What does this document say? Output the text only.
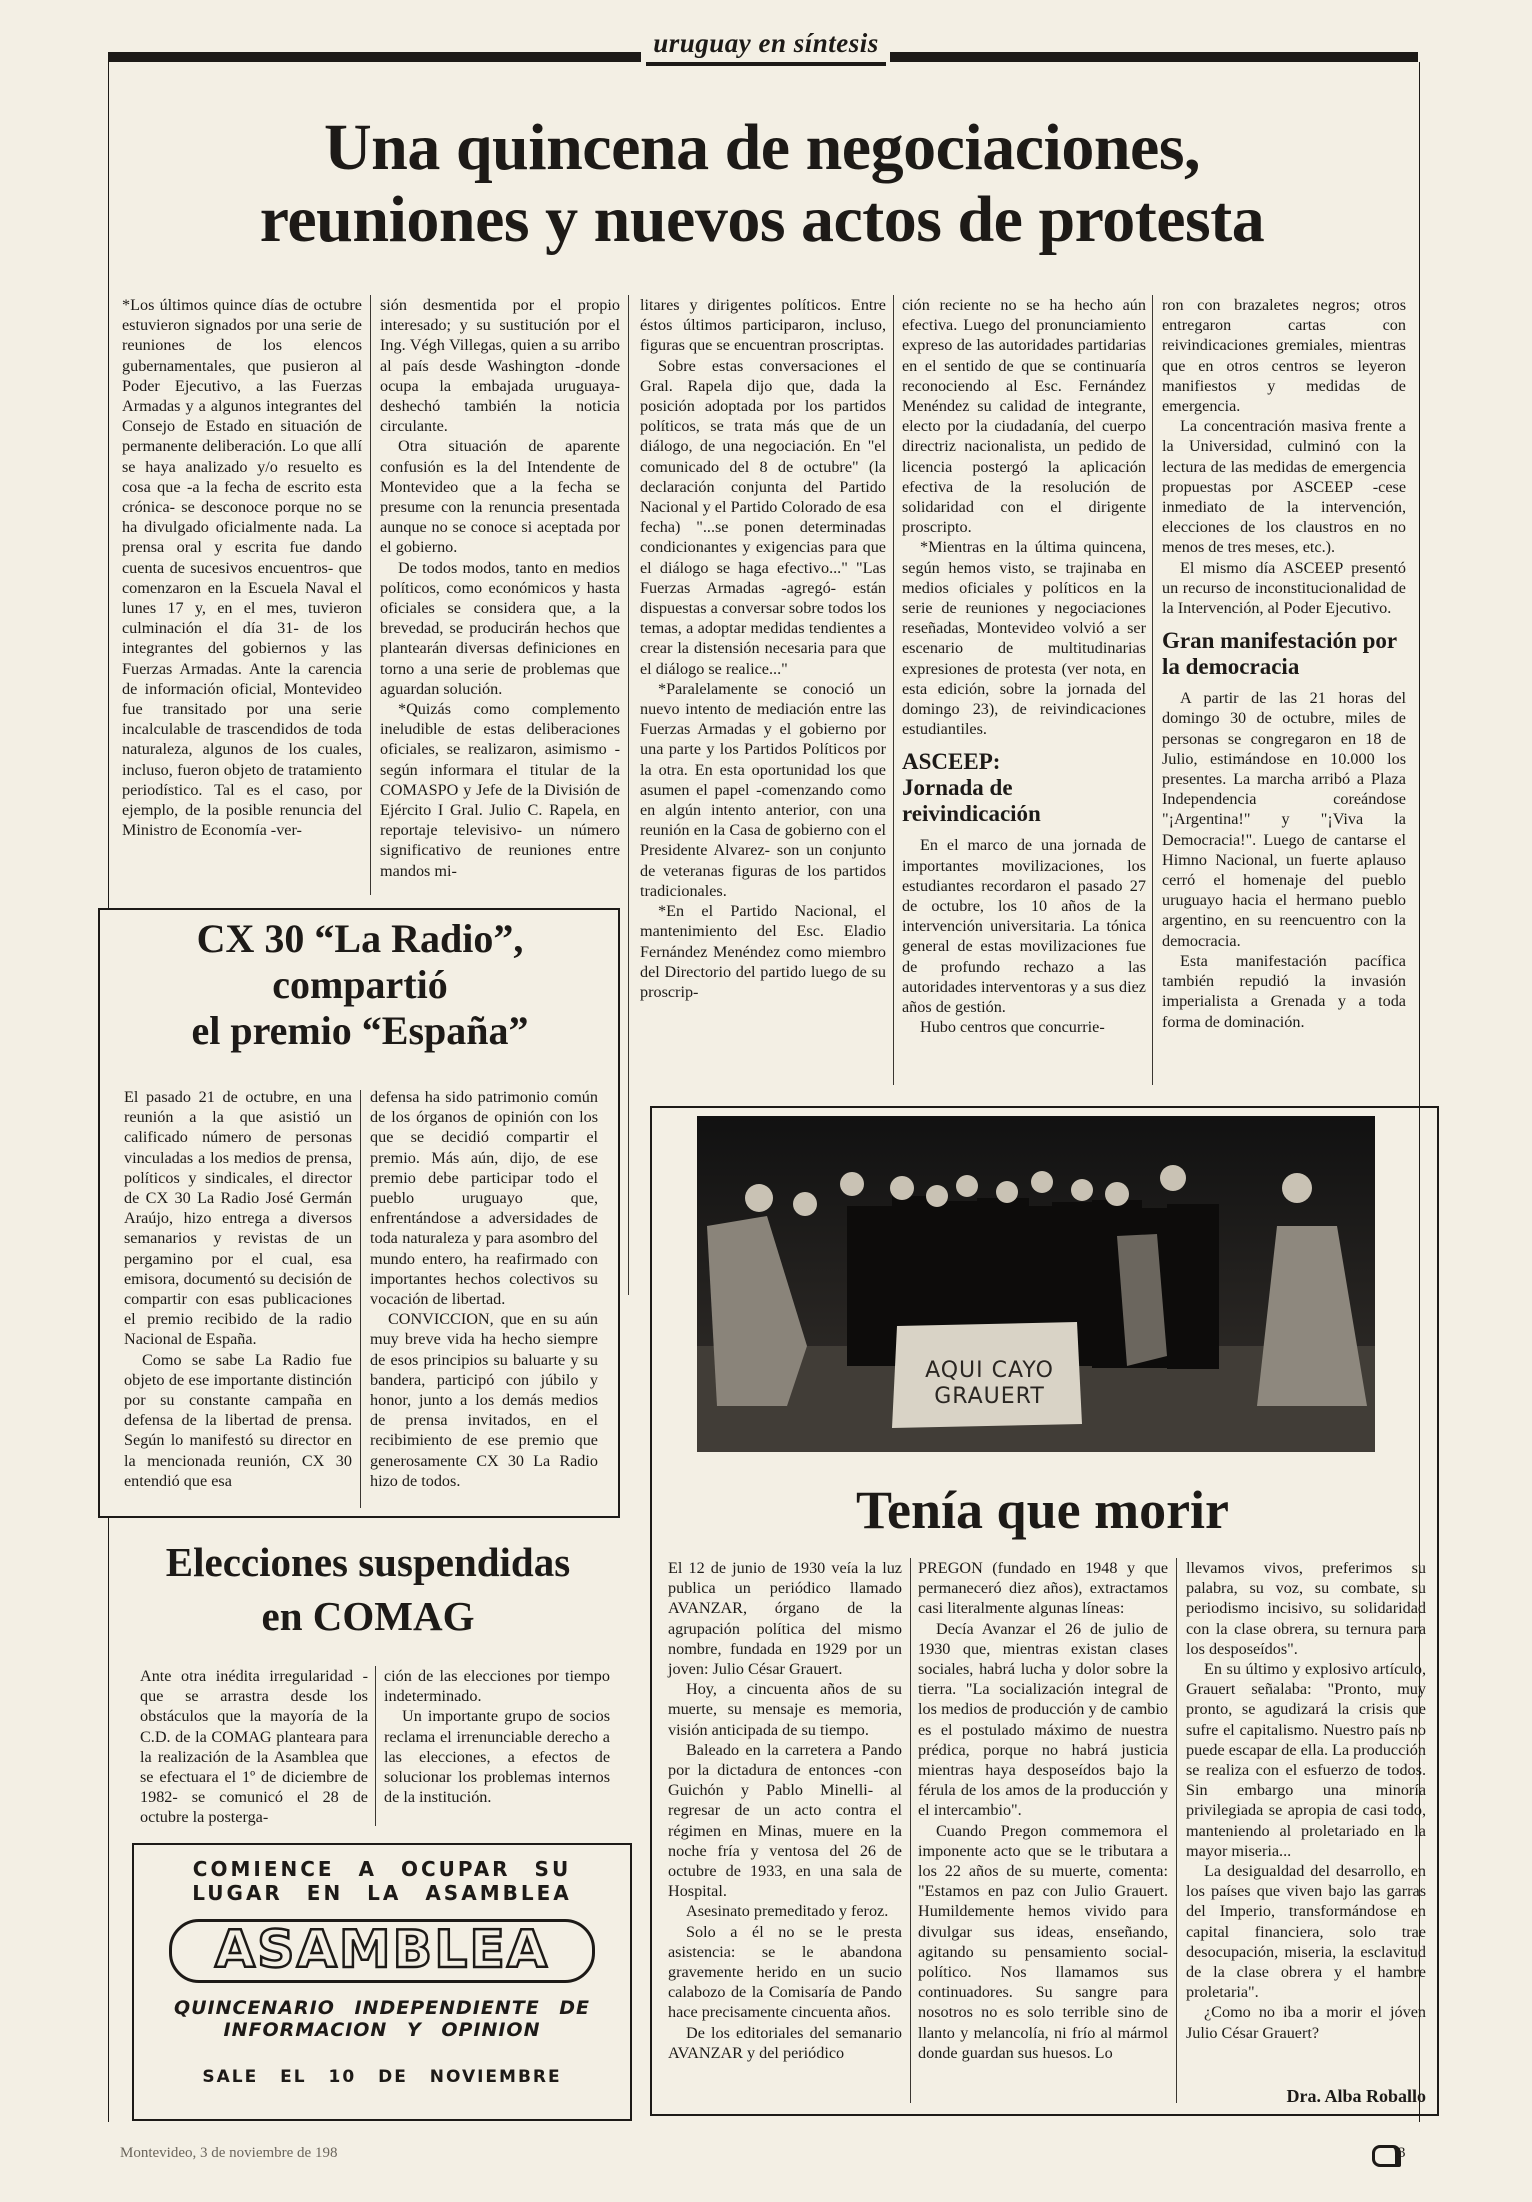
uruguay en síntesis
Una quincena de negociaciones,
reuniones y nuevos actos de protesta

*Los últimos quince días de octubre estuvieron signados por una serie de reuniones de los elencos gubernamentales, que pusieron al Poder Ejecutivo, a las Fuerzas Armadas y a algunos integrantes del Consejo de Estado en situación de permanente deliberación. Lo que allí se haya analizado y/o resuelto es cosa que -a la fecha de escrito esta crónica- se desconoce porque no se ha divulgado oficialmente nada. La prensa oral y escrita fue dando cuenta de sucesivos encuentros- que comenzaron en la Escuela Naval el lunes 17 y, en el mes, tuvieron culminación el día 31- de los integrantes del gobiernos y las Fuerzas Armadas. Ante la carencia de información oficial, Montevideo fue transitado por una serie incalculable de trascendidos de toda naturaleza, algunos de los cuales, incluso, fueron objeto de tratamiento periodístico. Tal es el caso, por ejemplo, de la posible renuncia del Ministro de Economía -ver-

sión desmentida por el propio interesado; y su sustitución por el Ing. Végh Villegas, quien a su arribo al país desde Washington -donde ocupa la embajada uruguaya- deshechó también la noticia circulante.

Otra situación de aparente confusión es la del Intendente de Montevideo que a la fecha se presume con la renuncia presentada aunque no se conoce si aceptada por el gobierno.

De todos modos, tanto en medios políticos, como económicos y hasta oficiales se considera que, a la brevedad, se producirán hechos que plantearán diversas definiciones en torno a una serie de problemas que aguardan solución.

*Quizás como complemento ineludible de estas deliberaciones oficiales, se realizaron, asimismo -según informara el titular de la COMASPO y Jefe de la División de Ejército I Gral. Julio C. Rapela, en reportaje televisivo- un número significativo de reuniones entre mandos mi-

litares y dirigentes políticos. Entre éstos últimos participaron, incluso, figuras que se encuentran proscriptas.

Sobre estas conversaciones el Gral. Rapela dijo que, dada la posición adoptada por los partidos políticos, se trata más que de un diálogo, de una negociación. En "el comunicado del 8 de octubre" (la declaración conjunta del Partido Nacional y el Partido Colorado de esa fecha) "...se ponen determinadas condicionantes y exigencias para que el diálogo se haga efectivo..." "Las Fuerzas Armadas -agregó- están dispuestas a conversar sobre todos los temas, a adoptar medidas tendientes a crear la distensión necesaria para que el diálogo se realice..."

*Paralelamente se conoció un nuevo intento de mediación entre las Fuerzas Armadas y el gobierno por una parte y los Partidos Políticos por la otra. En esta oportunidad los que asumen el papel -comenzando como en algún intento anterior, con una reunión en la Casa de gobierno con el Presidente Alvarez- son un conjunto de veteranas figuras de los partidos tradicionales.

*En el Partido Nacional, el mantenimiento del Esc. Eladio Fernández Menéndez como miembro del Directorio del partido luego de su proscrip-

ción reciente no se ha hecho aún efectiva. Luego del pronunciamiento expreso de las autoridades partidarias en el sentido de que se continuaría reconociendo al Esc. Fernández Menéndez su calidad de integrante, electo por la ciudadanía, del cuerpo directriz nacionalista, un pedido de licencia postergó la aplicación efectiva de la resolución de solidaridad con el dirigente proscripto.

*Mientras en la última quincena, según hemos visto, se trajinaba en medios oficiales y políticos en la serie de reuniones y negociaciones reseñadas, Montevideo volvió a ser escenario de multitudinarias expresiones de protesta (ver nota, en esta edición, sobre la jornada del domingo 23), de reivindicaciones estudiantiles.

ASCEEP:
Jornada de reivindicación

En el marco de una jornada de importantes movilizaciones, los estudiantes recordaron el pasado 27 de octubre, los 10 años de la intervención universitaria. La tónica general de estas movilizaciones fue de profundo rechazo a las autoridades interventoras y a sus diez años de gestión.

Hubo centros que concurrie-

ron con brazaletes negros; otros entregaron cartas con reivindicaciones gremiales, mientras que en otros centros se leyeron manifiestos y medidas de emergencia.

La concentración masiva frente a la Universidad, culminó con la lectura de las medidas de emergencia propuestas por ASCEEP -cese inmediato de la intervención, elecciones de los claustros en no menos de tres meses, etc.).

El mismo día ASCEEP presentó un recurso de inconstitucionalidad de la Intervención, al Poder Ejecutivo.

Gran manifestación por la democracia

A partir de las 21 horas del domingo 30 de octubre, miles de personas se congregaron en 18 de Julio, estimándose en 10.000 los presentes. La marcha arribó a Plaza Independencia coreándose "¡Argentina!" y "¡Viva la Democracia!". Luego de cantarse el Himno Nacional, un fuerte aplauso cerró el homenaje del pueblo uruguayo hacia el hermano pueblo argentino, en su reencuentro con la democracia.

Esta manifestación pacífica también repudió la invasión imperialista a Grenada y a toda forma de dominación.

CX 30 “La Radio”,
compartió
el premio “España”

El pasado 21 de octubre, en una reunión a la que asistió un calificado número de personas vinculadas a los medios de prensa, políticos y sindicales, el director de CX 30 La Radio José Germán Araújo, hizo entrega a diversos semanarios y revistas de un pergamino por el cual, esa emisora, documentó su decisión de compartir con esas publicaciones el premio recibido de la radio Nacional de España.

Como se sabe La Radio fue objeto de ese importante distinción por su constante campaña en defensa de la libertad de prensa. Según lo manifestó su director en la mencionada reunión, CX 30 entendió que esa

defensa ha sido patrimonio común de los órganos de opinión con los que se decidió compartir el premio. Más aún, dijo, de ese premio debe participar todo el pueblo uruguayo que, enfrentándose a adversidades de toda naturaleza y para asombro del mundo entero, ha reafirmado con importantes hechos colectivos su vocación de libertad.

CONVICCION, que en su aún muy breve vida ha hecho siempre de esos principios su baluarte y su bandera, participó con júbilo y honor, junto a los demás medios de prensa invitados, en el recibimiento de ese premio que generosamente CX 30 La Radio hizo de todos.

Elecciones suspendidas
en COMAG

Ante otra inédita irregularidad -que se arrastra desde los obstáculos que la mayoría de la C.D. de la COMAG planteara para la realización de la Asamblea que se efectuara el 1º de diciembre de 1982- se comunicó el 28 de octubre la posterga-

ción de las elecciones por tiempo indeterminado.

Un importante grupo de socios reclama el irrenunciable derecho a las elecciones, a efectos de solucionar los problemas internos de la institución.

COMIENCE A OCUPAR SU
LUGAR EN LA ASAMBLEA
ASAMBLEA
QUINCENARIO INDEPENDIENTE DE
INFORMACION Y OPINION
SALE EL 10 DE NOVIEMBRE
AQUI CAYO
GRAUERT
Tenía que morir

El 12 de junio de 1930 veía la luz publica un periódico llamado AVANZAR, órgano de la agrupación política del mismo nombre, fundada en 1929 por un joven: Julio César Grauert.

Hoy, a cincuenta años de su muerte, su mensaje es memoria, visión anticipada de su tiempo.

Baleado en la carretera a Pando por la dictadura de entonces -con Guichón y Pablo Minelli- al regresar de un acto contra el régimen en Minas, muere en la noche fría y ventosa del 26 de octubre de 1933, en una sala de Hospital.

Asesinato premeditado y feroz.

Solo a él no se le presta asistencia: se le abandona gravemente herido en un sucio calabozo de la Comisaría de Pando hace precisamente cincuenta años.

De los editoriales del semanario AVANZAR y del periódico

PREGON (fundado en 1948 y que permaneceró diez años), extractamos casi literalmente algunas líneas:

Decía Avanzar el 26 de julio de 1930 que, mientras existan clases sociales, habrá lucha y dolor sobre la tierra. "La socialización integral de los medios de producción y de cambio es el postulado máximo de nuestra prédica, porque no habrá justicia mientras haya desposeídos bajo la férula de los amos de la producción y el intercambio".

Cuando Pregon commemora el imponente acto que se le tributara a los 22 años de su muerte, comenta: "Estamos en paz con Julio Grauert. Humildemente hemos vivido para divulgar sus ideas, enseñando, agitando su pensamiento social-político. Nos llamamos sus continuadores. Su sangre para nosotros no es solo terrible sino de llanto y melancolía, ni frío al mármol donde guardan sus huesos. Lo

llevamos vivos, preferimos su palabra, su voz, su combate, su periodismo incisivo, su solidaridad con la clase obrera, su ternura para los desposeídos".

En su último y explosivo artículo, Grauert señalaba: "Pronto, muy pronto, se agudizará la crisis que sufre el capitalismo. Nuestro país no puede escapar de ella. La producción se realiza con el esfuerzo de todos. Sin embargo una minoría privilegiada se apropia de casi todo, manteniendo al proletariado en la mayor miseria...

La desigualdad del desarrollo, en los países que viven bajo las garras del Imperio, transformándose en capital financiera, solo trae desocupación, miseria, la esclavitud de la clase obrera y el hambre proletaria".

¿Como no iba a morir el jóven Julio César Grauert?

Dra. Alba Roballo
Montevideo, 3 de noviembre de 198	3
